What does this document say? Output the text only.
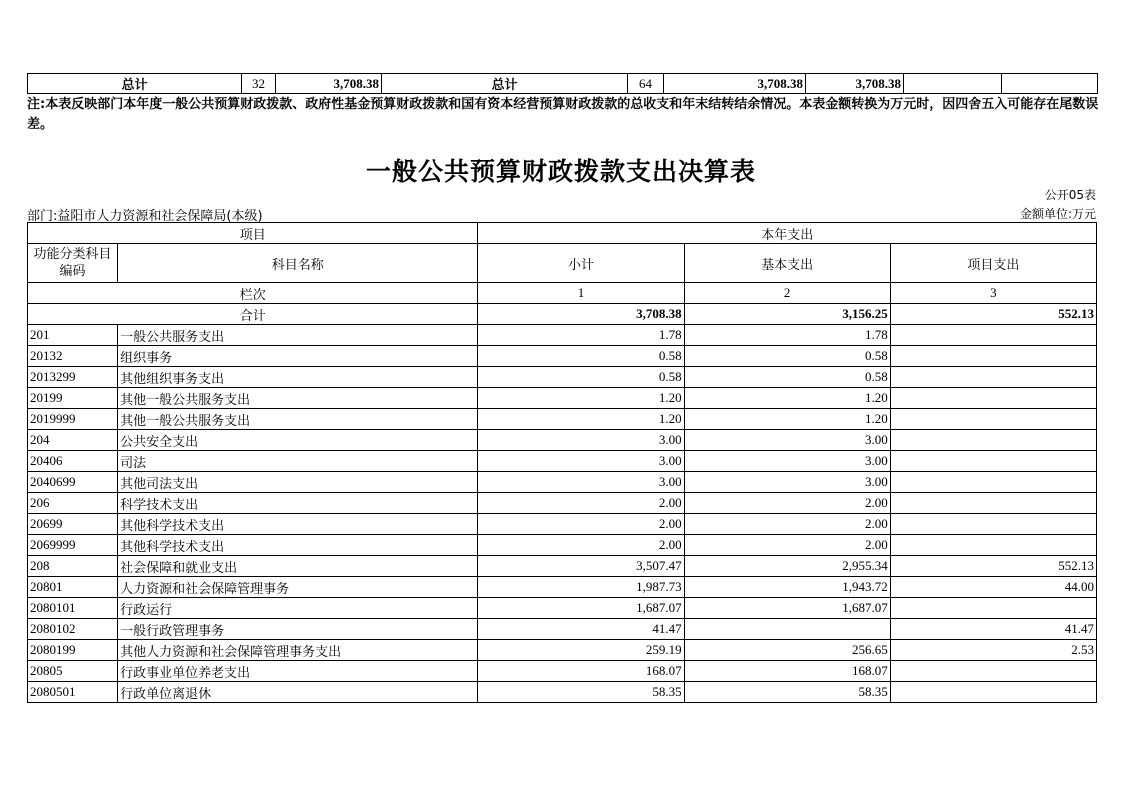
总计	32	3,708.38	总计	64	3,708.38	3,708.38		
注:本表反映部门本年度一般公共预算财政拨款、政府性基金预算财政拨款和国有资本经营预算财政拨款的总收支和年末结转结余情况。本表金额转换为万元时，因四舍五入可能存在尾数误差。
一般公共预算财政拨款支出决算表
公开05表
部门:益阳市人力资源和社会保障局(本级)	金额单位:万元
项目		本年支出		
功能分类科目编码	科目名称	小计	基本支出	项目支出
栏次		1	2	3
合计		3,708.38	3,156.25	552.13
201	一般公共服务支出	1.78	1.78	
20132	组织事务	0.58	0.58	
2013299	其他组织事务支出	0.58	0.58	
20199	其他一般公共服务支出	1.20	1.20	
2019999	其他一般公共服务支出	1.20	1.20	
204	公共安全支出	3.00	3.00	
20406	司法	3.00	3.00	
2040699	其他司法支出	3.00	3.00	
206	科学技术支出	2.00	2.00	
20699	其他科学技术支出	2.00	2.00	
2069999	其他科学技术支出	2.00	2.00	
208	社会保障和就业支出	3,507.47	2,955.34	552.13
20801	人力资源和社会保障管理事务	1,987.73	1,943.72	44.00
2080101	行政运行	1,687.07	1,687.07	
2080102	一般行政管理事务	41.47		41.47
2080199	其他人力资源和社会保障管理事务支出	259.19	256.65	2.53
20805	行政事业单位养老支出	168.07	168.07	
2080501	行政单位离退休	58.35	58.35	
